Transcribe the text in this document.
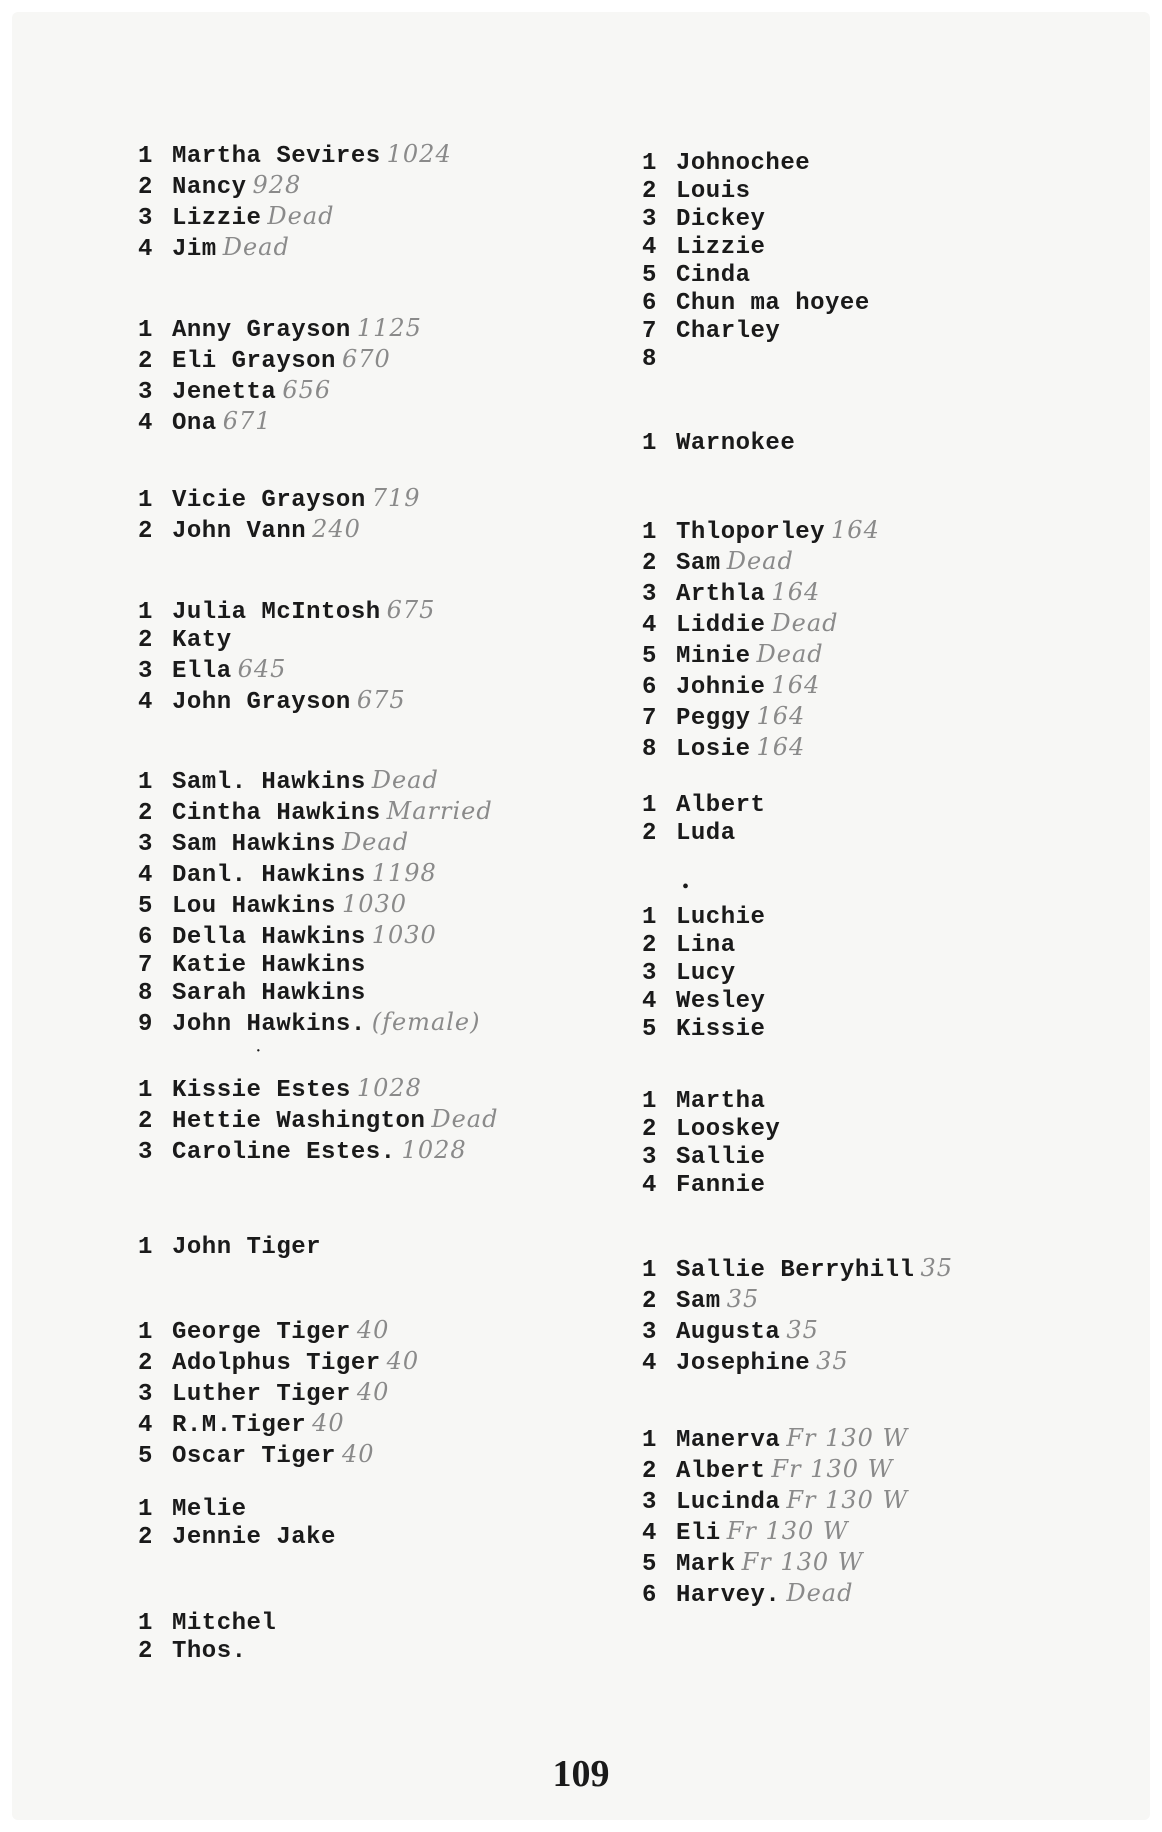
1 Martha Sevires 1024
2 Nancy 928
3 Lizzie Dead
4 Jim Dead
1 Anny Grayson 1125
2 Eli Grayson 670
3 Jenetta 656
4 Ona 671
1 Vicie Grayson 719
2 John Vann 240
1 Julia McIntosh 675
2 Katy
3 Ella 645
4 John Grayson 675
1 Saml. Hawkins Dead
2 Cintha Hawkins Married
3 Sam Hawkins Dead
4 Danl. Hawkins 1198
5 Lou Hawkins 1030
6 Della Hawkins 1030
7 Katie Hawkins
8 Sarah Hawkins
9 John Hawkins. (female)
1 Kissie Estes 1028
2 Hettie Washington Dead
3 Caroline Estes. 1028
1 John Tiger
1 George Tiger 40
2 Adolphus Tiger 40
3 Luther Tiger 40
4 R.M.Tiger 40
5 Oscar Tiger 40
1 Melie
2 Jennie Jake
1 Mitchel
2 Thos.
1 Johnochee
2 Louis
3 Dickey
4 Lizzie
5 Cinda
6 Chun ma hoyee
7 Charley
8
1 Warnokee
1 Thloporley 164
2 Sam Dead
3 Arthla 164
4 Liddie Dead
5 Minie Dead
6 Johnie 164
7 Peggy 164
8 Losie 164
1 Albert
2 Luda
1 Luchie
2 Lina
3 Lucy
4 Wesley
5 Kissie
1 Martha
2 Looskey
3 Sallie
4 Fannie
1 Sallie Berryhill 35
2 Sam 35
3 Augusta 35
4 Josephine 35
1 Manerva Fr 130 W
2 Albert Fr 130 W
3 Lucinda Fr 130 W
4 Eli Fr 130 W
5 Mark Fr 130 W
6 Harvey. Dead
•
·
109
